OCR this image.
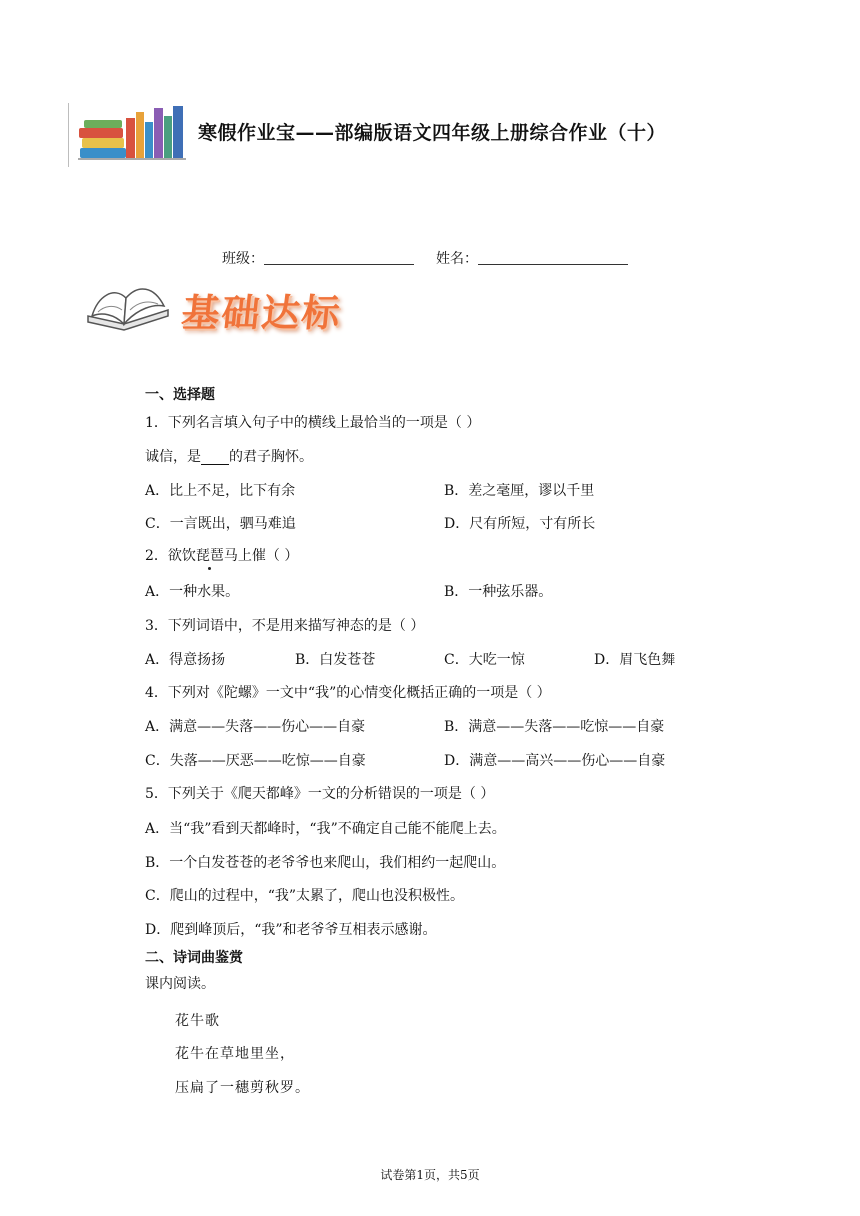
寒假作业宝——部编版语文四年级上册综合作业（十）
班级：	姓名：
基础达标
一、选择题
1．下列名言填入句子中的横线上最恰当的一项是（ ）
诚信，是 的君子胸怀。
A．比上不足，比下有余	B．差之毫厘，谬以千里
C．一言既出，驷马难追	D．尺有所短，寸有所长
2．欲饮琵琶马上催（ ）
A．一种水果。	B．一种弦乐器。
3．下列词语中，不是用来描写神态的是（ ）
A．得意扬扬	B．白发苍苍	C．大吃一惊	D．眉飞色舞
4．下列对《陀螺》一文中“我”的心情变化概括正确的一项是（ ）
A．满意——失落——伤心——自豪	B．满意——失落——吃惊——自豪
C．失落——厌恶——吃惊——自豪	D．满意——高兴——伤心——自豪
5．下列关于《爬天都峰》一文的分析错误的一项是（ ）
A．当“我”看到天都峰时，“我”不确定自己能不能爬上去。
B．一个白发苍苍的老爷爷也来爬山，我们相约一起爬山。
C．爬山的过程中，“我”太累了，爬山也没积极性。
D．爬到峰顶后，“我”和老爷爷互相表示感谢。
二、诗词曲鉴赏
课内阅读。
花牛歌
花牛在草地里坐，
压扁了一穗剪秋罗。
试卷第1页，共5页
